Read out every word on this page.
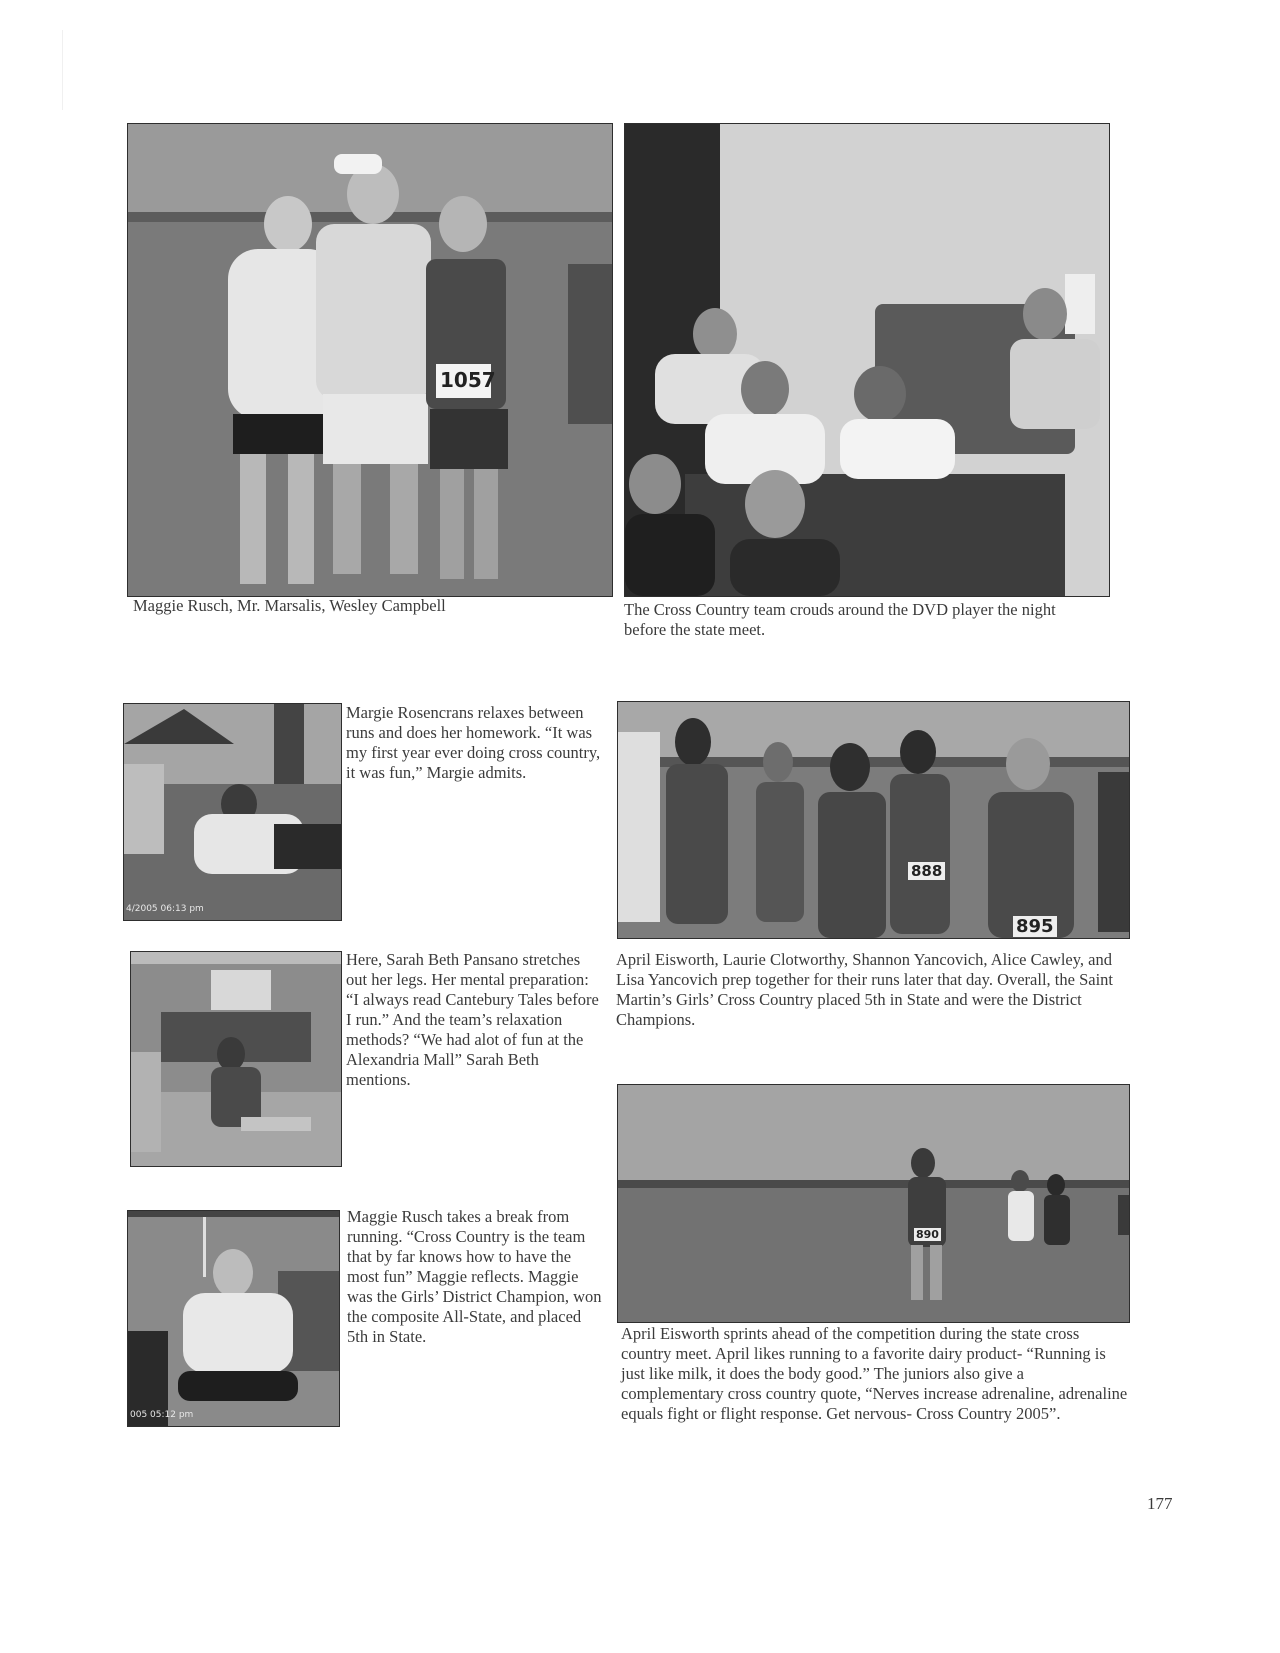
1057

Maggie Rusch, Mr. Marsalis, Wesley Campbell	The Cross Country team crouds around the DVD player the night before the state meet.

4/2005 06:13 pm

Margie Rosencrans relaxes between runs and does her homework. “It was my first year ever doing cross country, it was fun,” Margie admits.

888
895

Here, Sarah Beth Pansano stretches out her legs. Her mental preparation: “I always read Cantebury Tales before I run.” And the team’s relaxation methods? “We had alot of fun at the Alexandria Mall” Sarah Beth mentions.

April Eisworth, Laurie Clotworthy, Shannon Yancovich, Alice Cawley, and Lisa Yancovich prep together for their runs later that day. Overall, the Saint Martin’s Girls’ Cross Country placed 5th in State and were the District Champions.

890

April Eisworth sprints ahead of the competition during the state cross country meet. April likes running to a favorite dairy product- “Running is just like milk, it does the body good.” The juniors also give a complementary cross country quote, “Nerves increase adrenaline, adrenaline equals fight or flight response. Get nervous- Cross Country 2005”.

005 05:12 pm

Maggie Rusch takes a break from running. “Cross Country is the team that by far knows how to have the most fun” Maggie reflects. Maggie was the Girls’ District Champion, won the composite All-State, and placed 5th in State.

177
